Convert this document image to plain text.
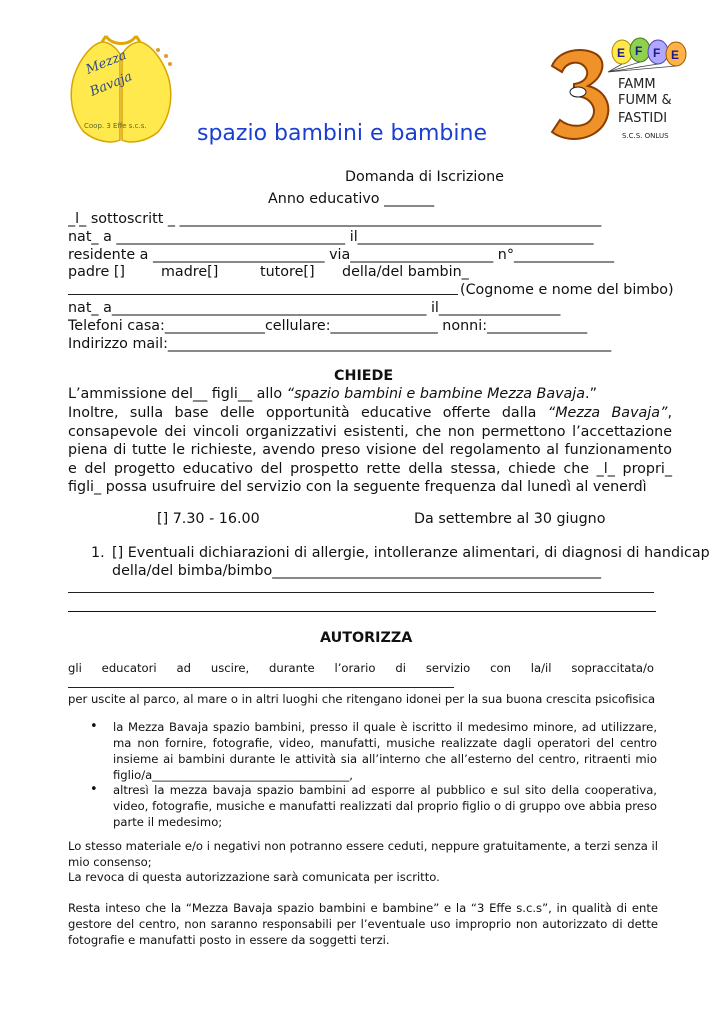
Mezza
Bavaja
Coop. 3 Effe s.c.s.
E F F E
FAMM
FUMM &
FASTIDI
S.C.S. ONLUS
spazio bambini e bambine
Domanda di Iscrizione
Anno educativo _______
_l_ sottoscritt _ ___________________________________________________________
nat_ a ________________________________ il_________________________________
residente a ________________________ via____________________ n°______________
padre []	madre[]	tutore[] della/del bambin_
(Cognome e nome del bimbo)
nat_ a____________________________________________ il_________________
Telefoni casa:______________cellulare:_______________ nonni:______________
Indirizzo mail:______________________________________________________________
CHIEDE
L’ammissione del__ figli__ allo “spazio bambini e bambine Mezza Bavaja.”
Inoltre, sulla base delle opportunità educative offerte dalla “Mezza Bavaja”, consapevole dei vincoli organizzativi esistenti, che non permettono l’accettazione piena di tutte le richieste, avendo preso visione del regolamento al funzionamento e del progetto educativo del prospetto rette della stessa, chiede che _l_ propri_ figli_ possa usufruire del servizio con la seguente frequenza dal lunedì al venerdì
[] 7.30 - 16.00	Da settembre al 30 giugno
1. [] Eventuali dichiarazioni di allergie, intolleranze alimentari, di diagnosi di handicap
della/del bimba/bimbo______________________________________________
AUTORIZZA
gli educatori ad uscire, durante l’orario di servizio con la/il sopraccitata/o
per uscite al parco, al mare o in altri luoghi che ritengano idonei per la sua buona crescita psicofisica
• la Mezza Bavaja spazio bambini, presso il quale è iscritto il medesimo minore, ad utilizzare, ma non fornire, fotografie, video, manufatti, musiche realizzate dagli operatori del centro insieme ai bambini durante le attività sia all’interno che all’esterno del centro, ritraenti mio figlio/a__________________________________,
• altresì la mezza bavaja spazio bambini ad esporre al pubblico e sul sito della cooperativa, video, fotografie, musiche e manufatti realizzati dal proprio figlio o di gruppo ove abbia preso parte il medesimo;
Lo stesso materiale e/o i negativi non potranno essere ceduti, neppure gratuitamente, a terzi senza il mio consenso;
La revoca di questa autorizzazione sarà comunicata per iscritto.
Resta inteso che la “Mezza Bavaja spazio bambini e bambine” e la “3 Effe s.c.s”, in qualità di ente gestore del centro, non saranno responsabili per l’eventuale uso improprio non autorizzato di dette fotografie e manufatti posto in essere da soggetti terzi.
